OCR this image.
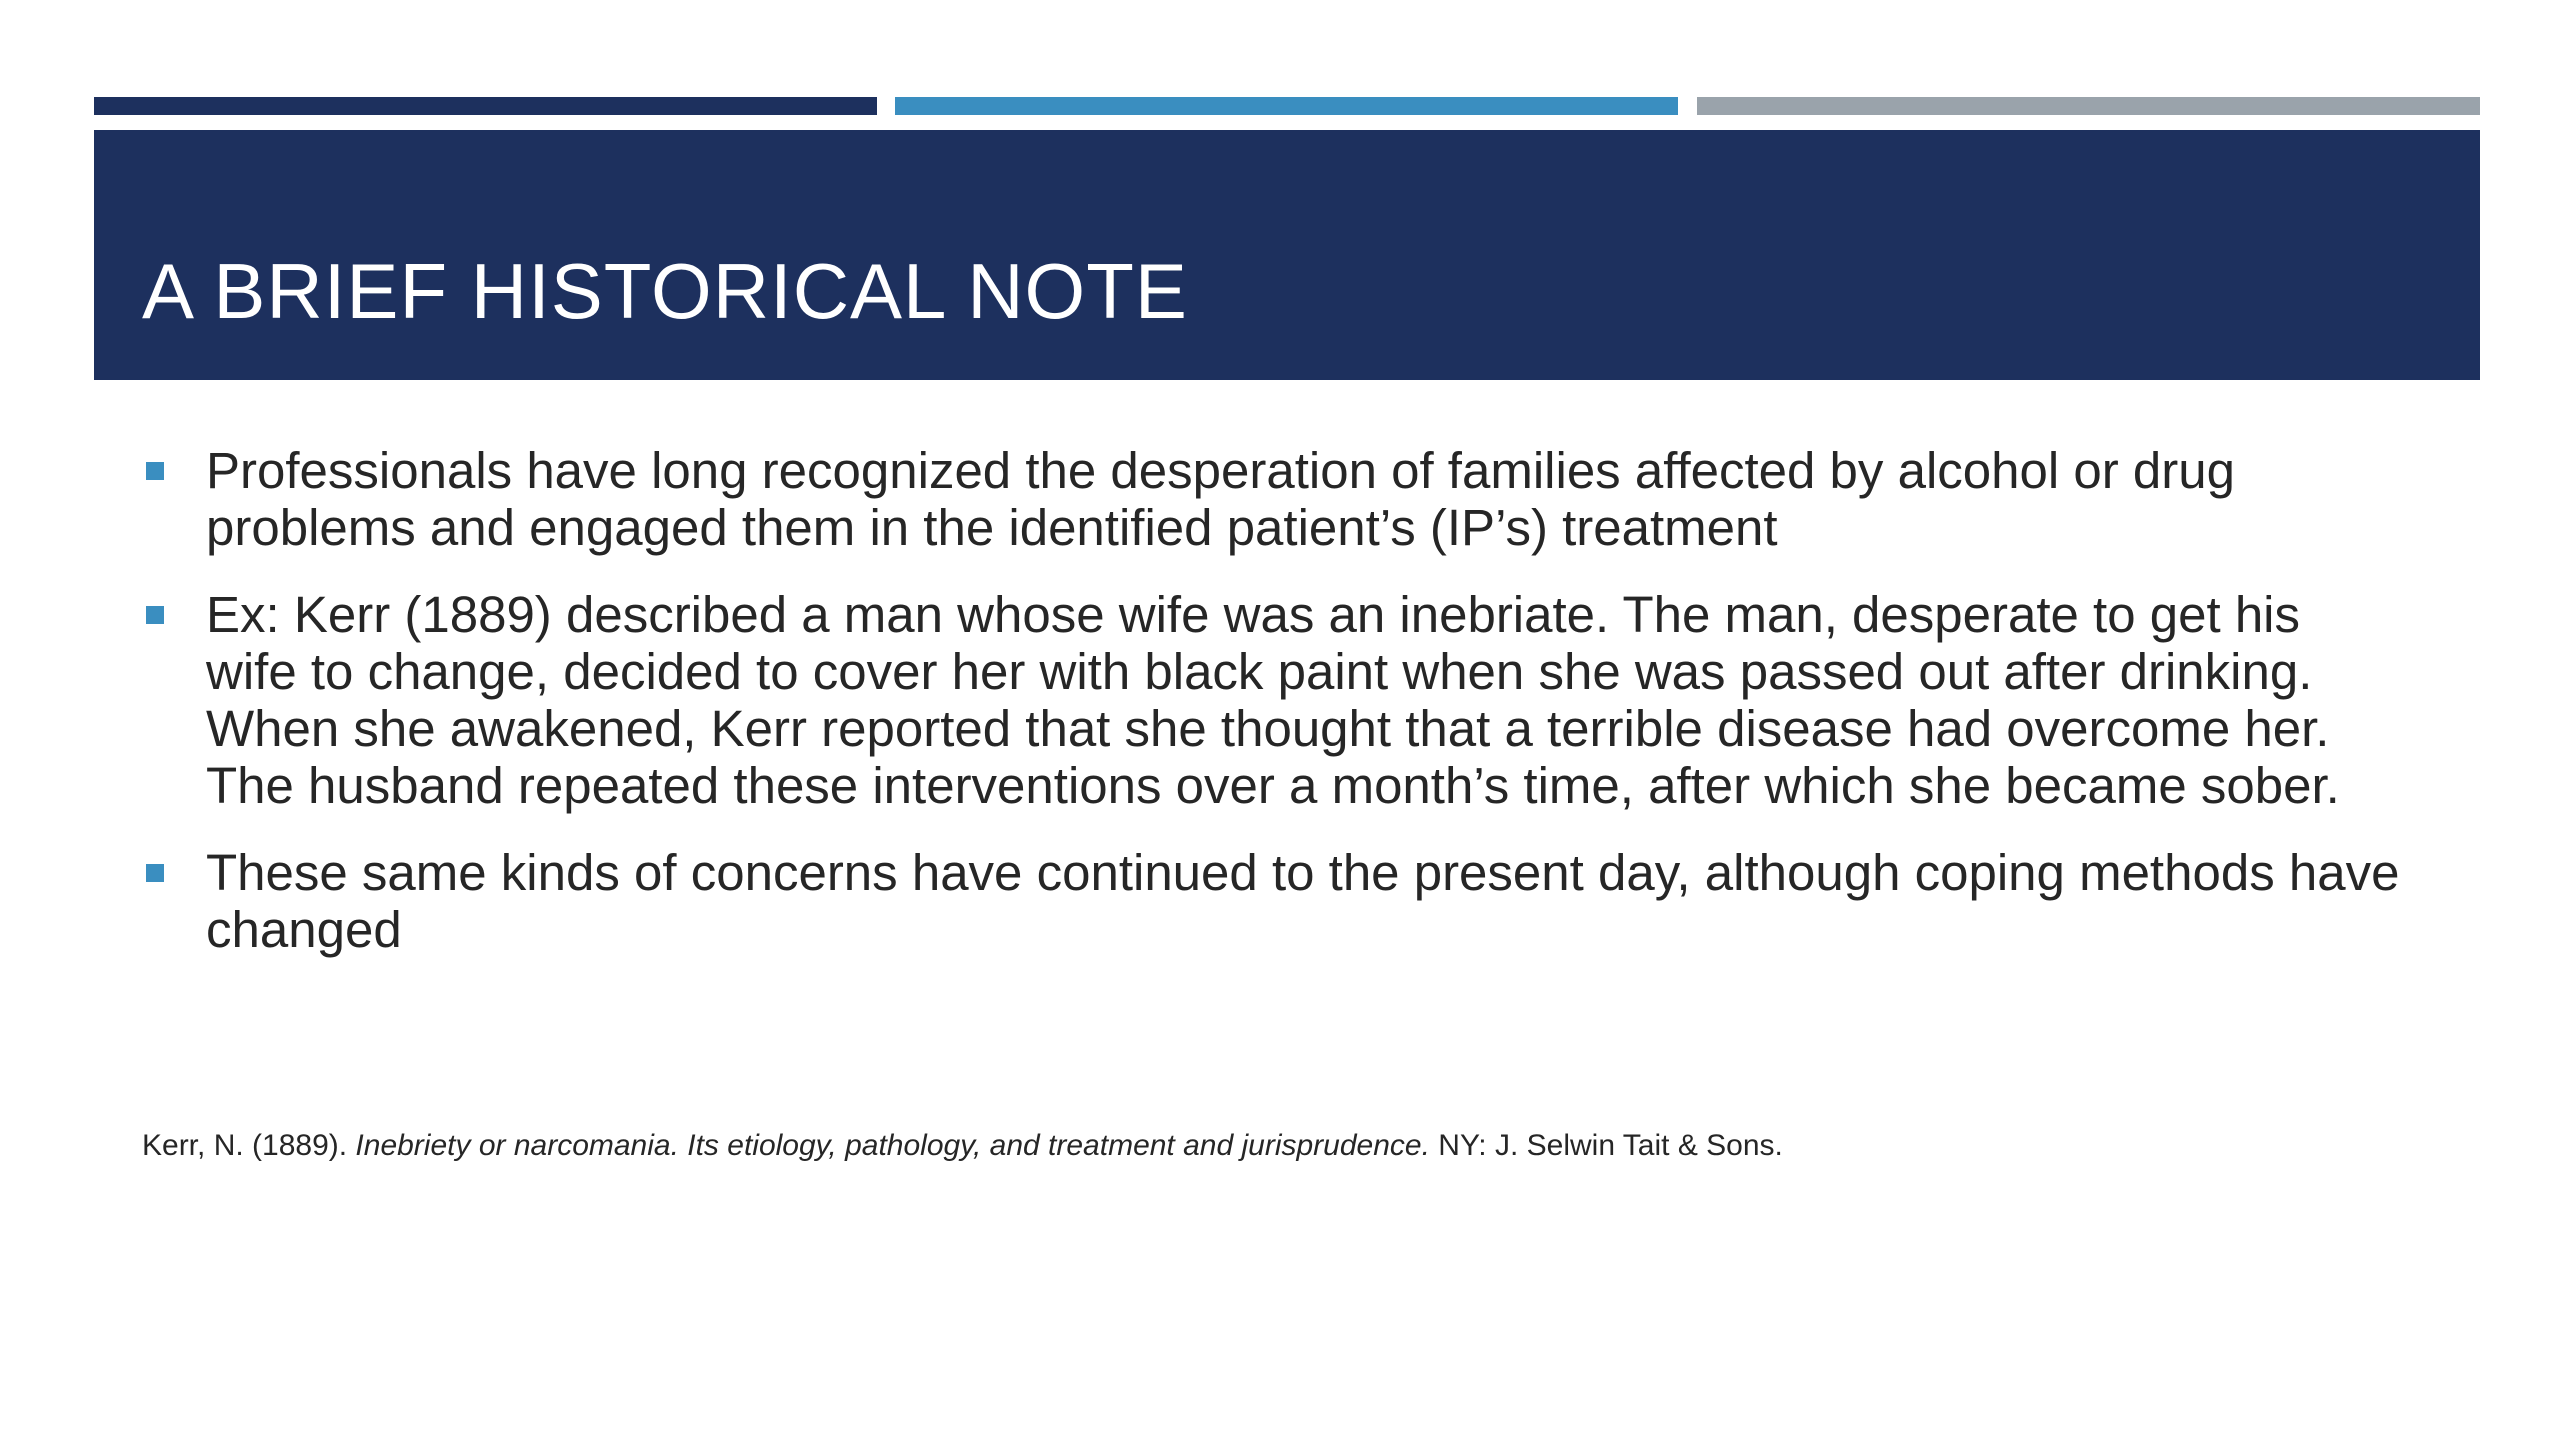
A BRIEF HISTORICAL NOTE
Professionals have long recognized the desperation of families affected by alcohol or drug problems and engaged them in the identified patient’s (IP’s) treatment
Ex: Kerr (1889) described a man whose wife was an inebriate. The man, desperate to get his wife to change, decided to cover her with black paint when she was passed out after drinking. When she awakened, Kerr reported that she thought that a terrible disease had overcome her. The husband repeated these interventions over a month’s time, after which she became sober.
These same kinds of concerns have continued to the present day, although coping methods have changed

Kerr, N. (1889). Inebriety or narcomania. Its etiology, pathology, and treatment and jurisprudence. NY: J. Selwin Tait & Sons.
